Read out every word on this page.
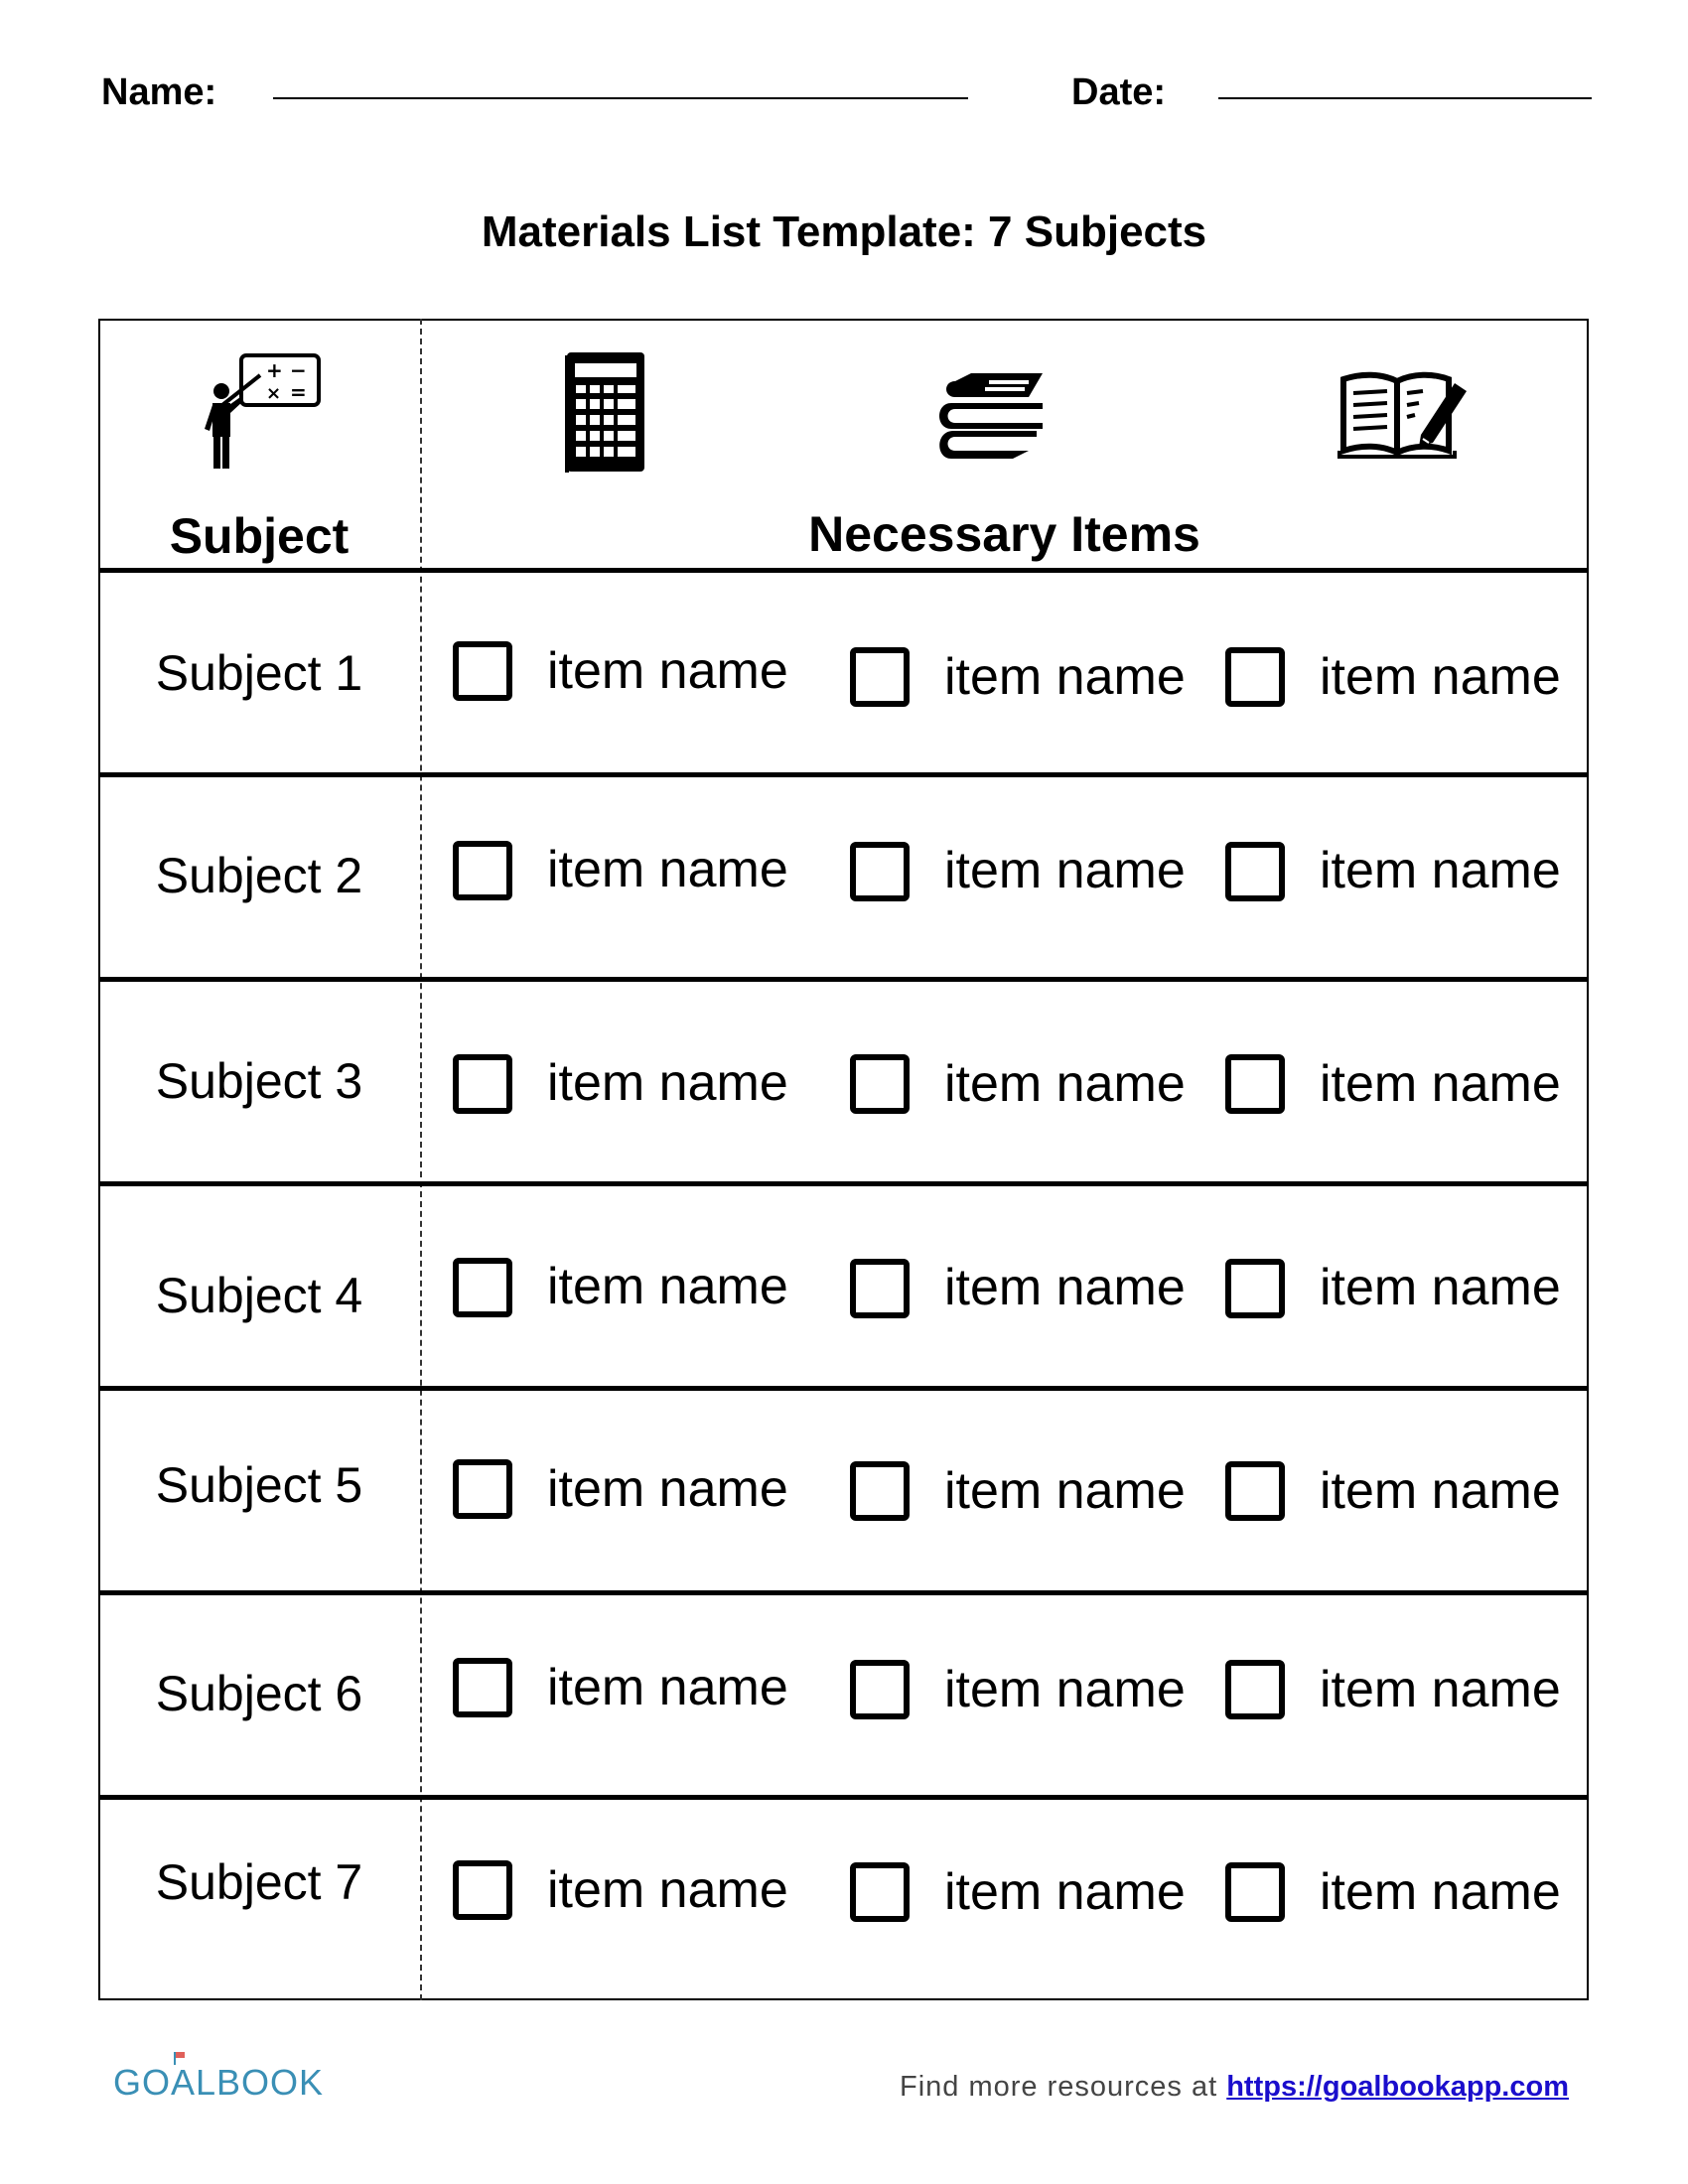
Name:	Date:
Materials List Template: 7 Subjects
+ −
× =
Subject	Necessary Items
Subject 1	item name	item name	item name
Subject 2	item name	item name	item name
Subject 3	item name	item name	item name
Subject 4	item name	item name	item name
Subject 5	item name	item name	item name
Subject 6	item name	item name	item name
Subject 7	item name	item name	item name
GOALBOOK	Find more resources at https://goalbookapp.com
